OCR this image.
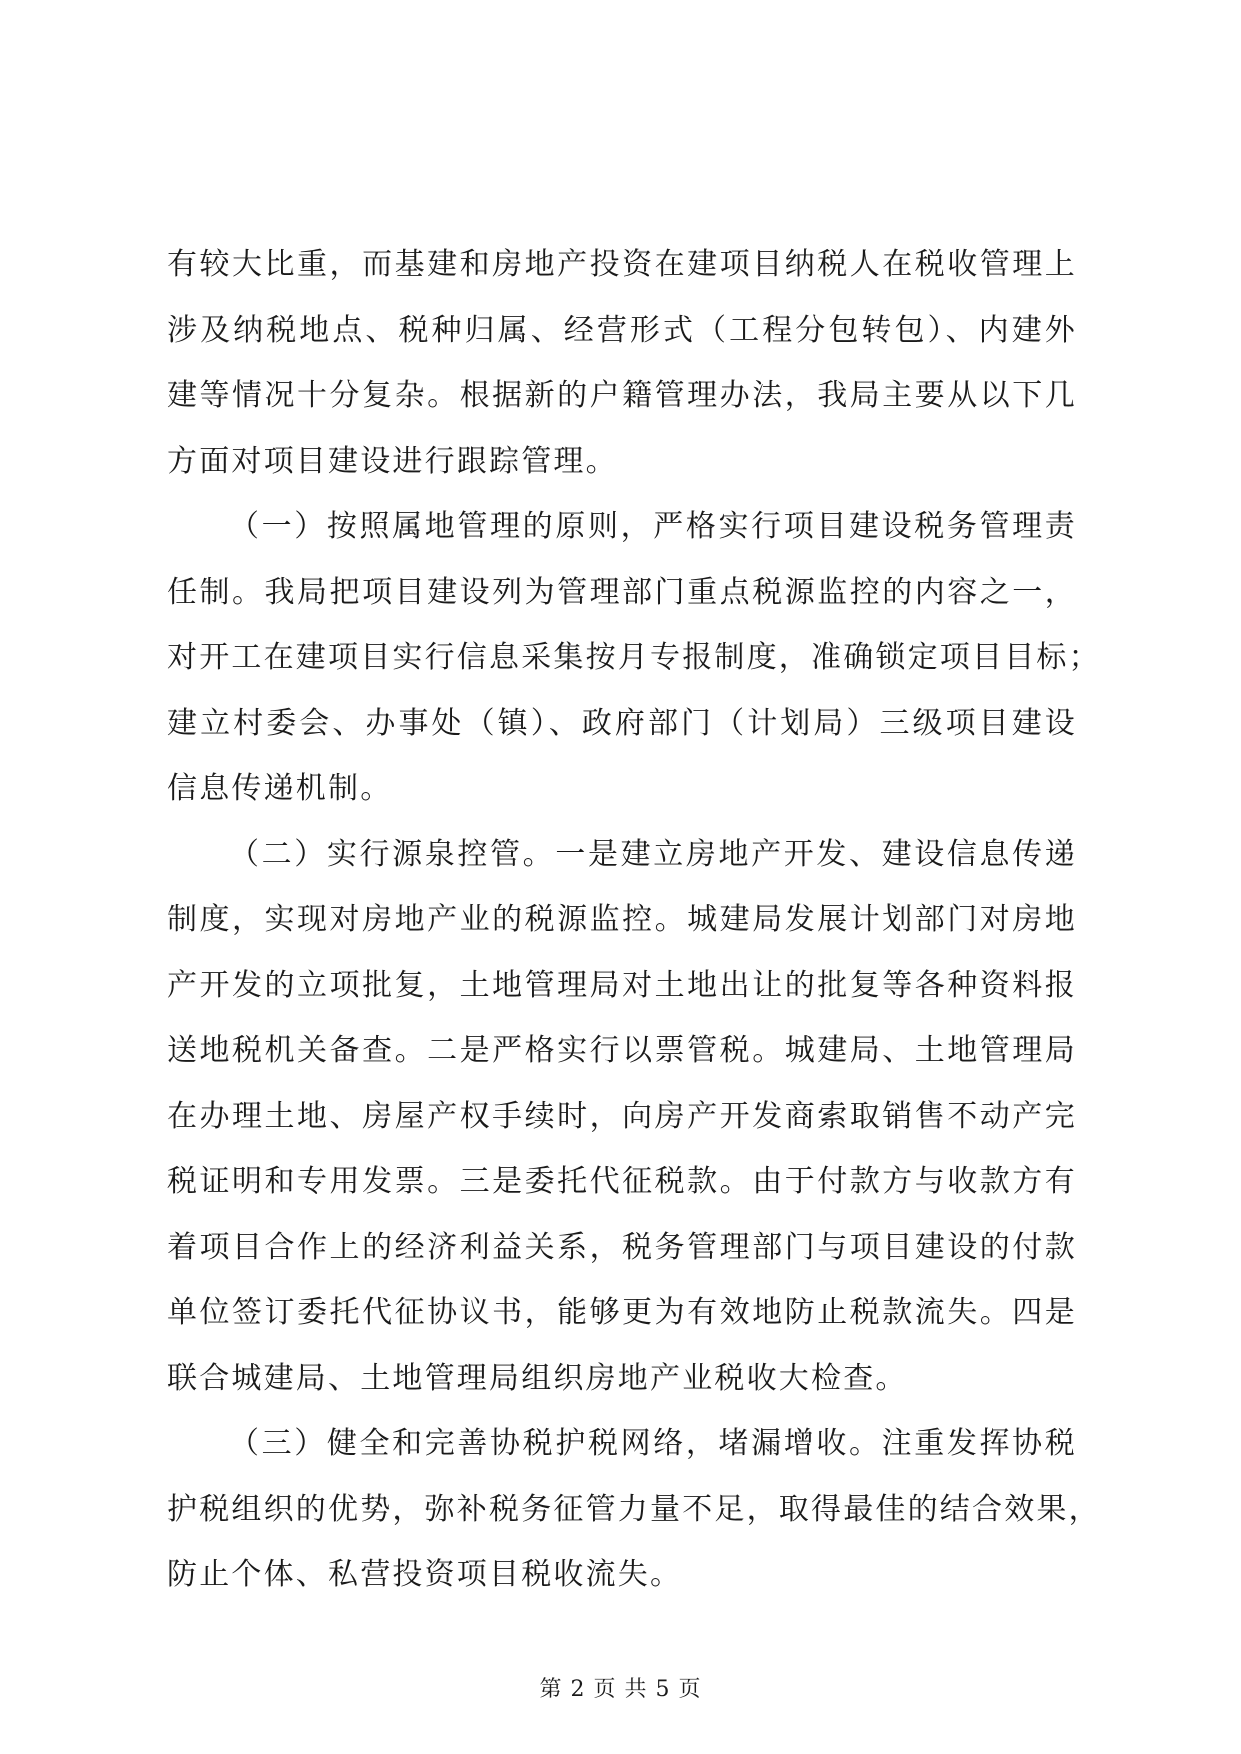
有较大比重，而基建和房地产投资在建项目纳税人在税收管理上
涉及纳税地点、税种归属、经营形式（工程分包转包）、内建外
建等情况十分复杂。根据新的户籍管理办法，我局主要从以下几
方面对项目建设进行跟踪管理。
（一）按照属地管理的原则，严格实行项目建设税务管理责
任制。我局把项目建设列为管理部门重点税源监控的内容之一，
对开工在建项目实行信息采集按月专报制度，准确锁定项目目标；
建立村委会、办事处（镇）、政府部门（计划局）三级项目建设
信息传递机制。
（二）实行源泉控管。一是建立房地产开发、建设信息传递
制度，实现对房地产业的税源监控。城建局发展计划部门对房地
产开发的立项批复，土地管理局对土地出让的批复等各种资料报
送地税机关备查。二是严格实行以票管税。城建局、土地管理局
在办理土地、房屋产权手续时，向房产开发商索取销售不动产完
税证明和专用发票。三是委托代征税款。由于付款方与收款方有
着项目合作上的经济利益关系，税务管理部门与项目建设的付款
单位签订委托代征协议书，能够更为有效地防止税款流失。四是
联合城建局、土地管理局组织房地产业税收大检查。
（三）健全和完善协税护税网络，堵漏增收。注重发挥协税
护税组织的优势，弥补税务征管力量不足，取得最佳的结合效果，
防止个体、私营投资项目税收流失。
第 2 页 共 5 页
